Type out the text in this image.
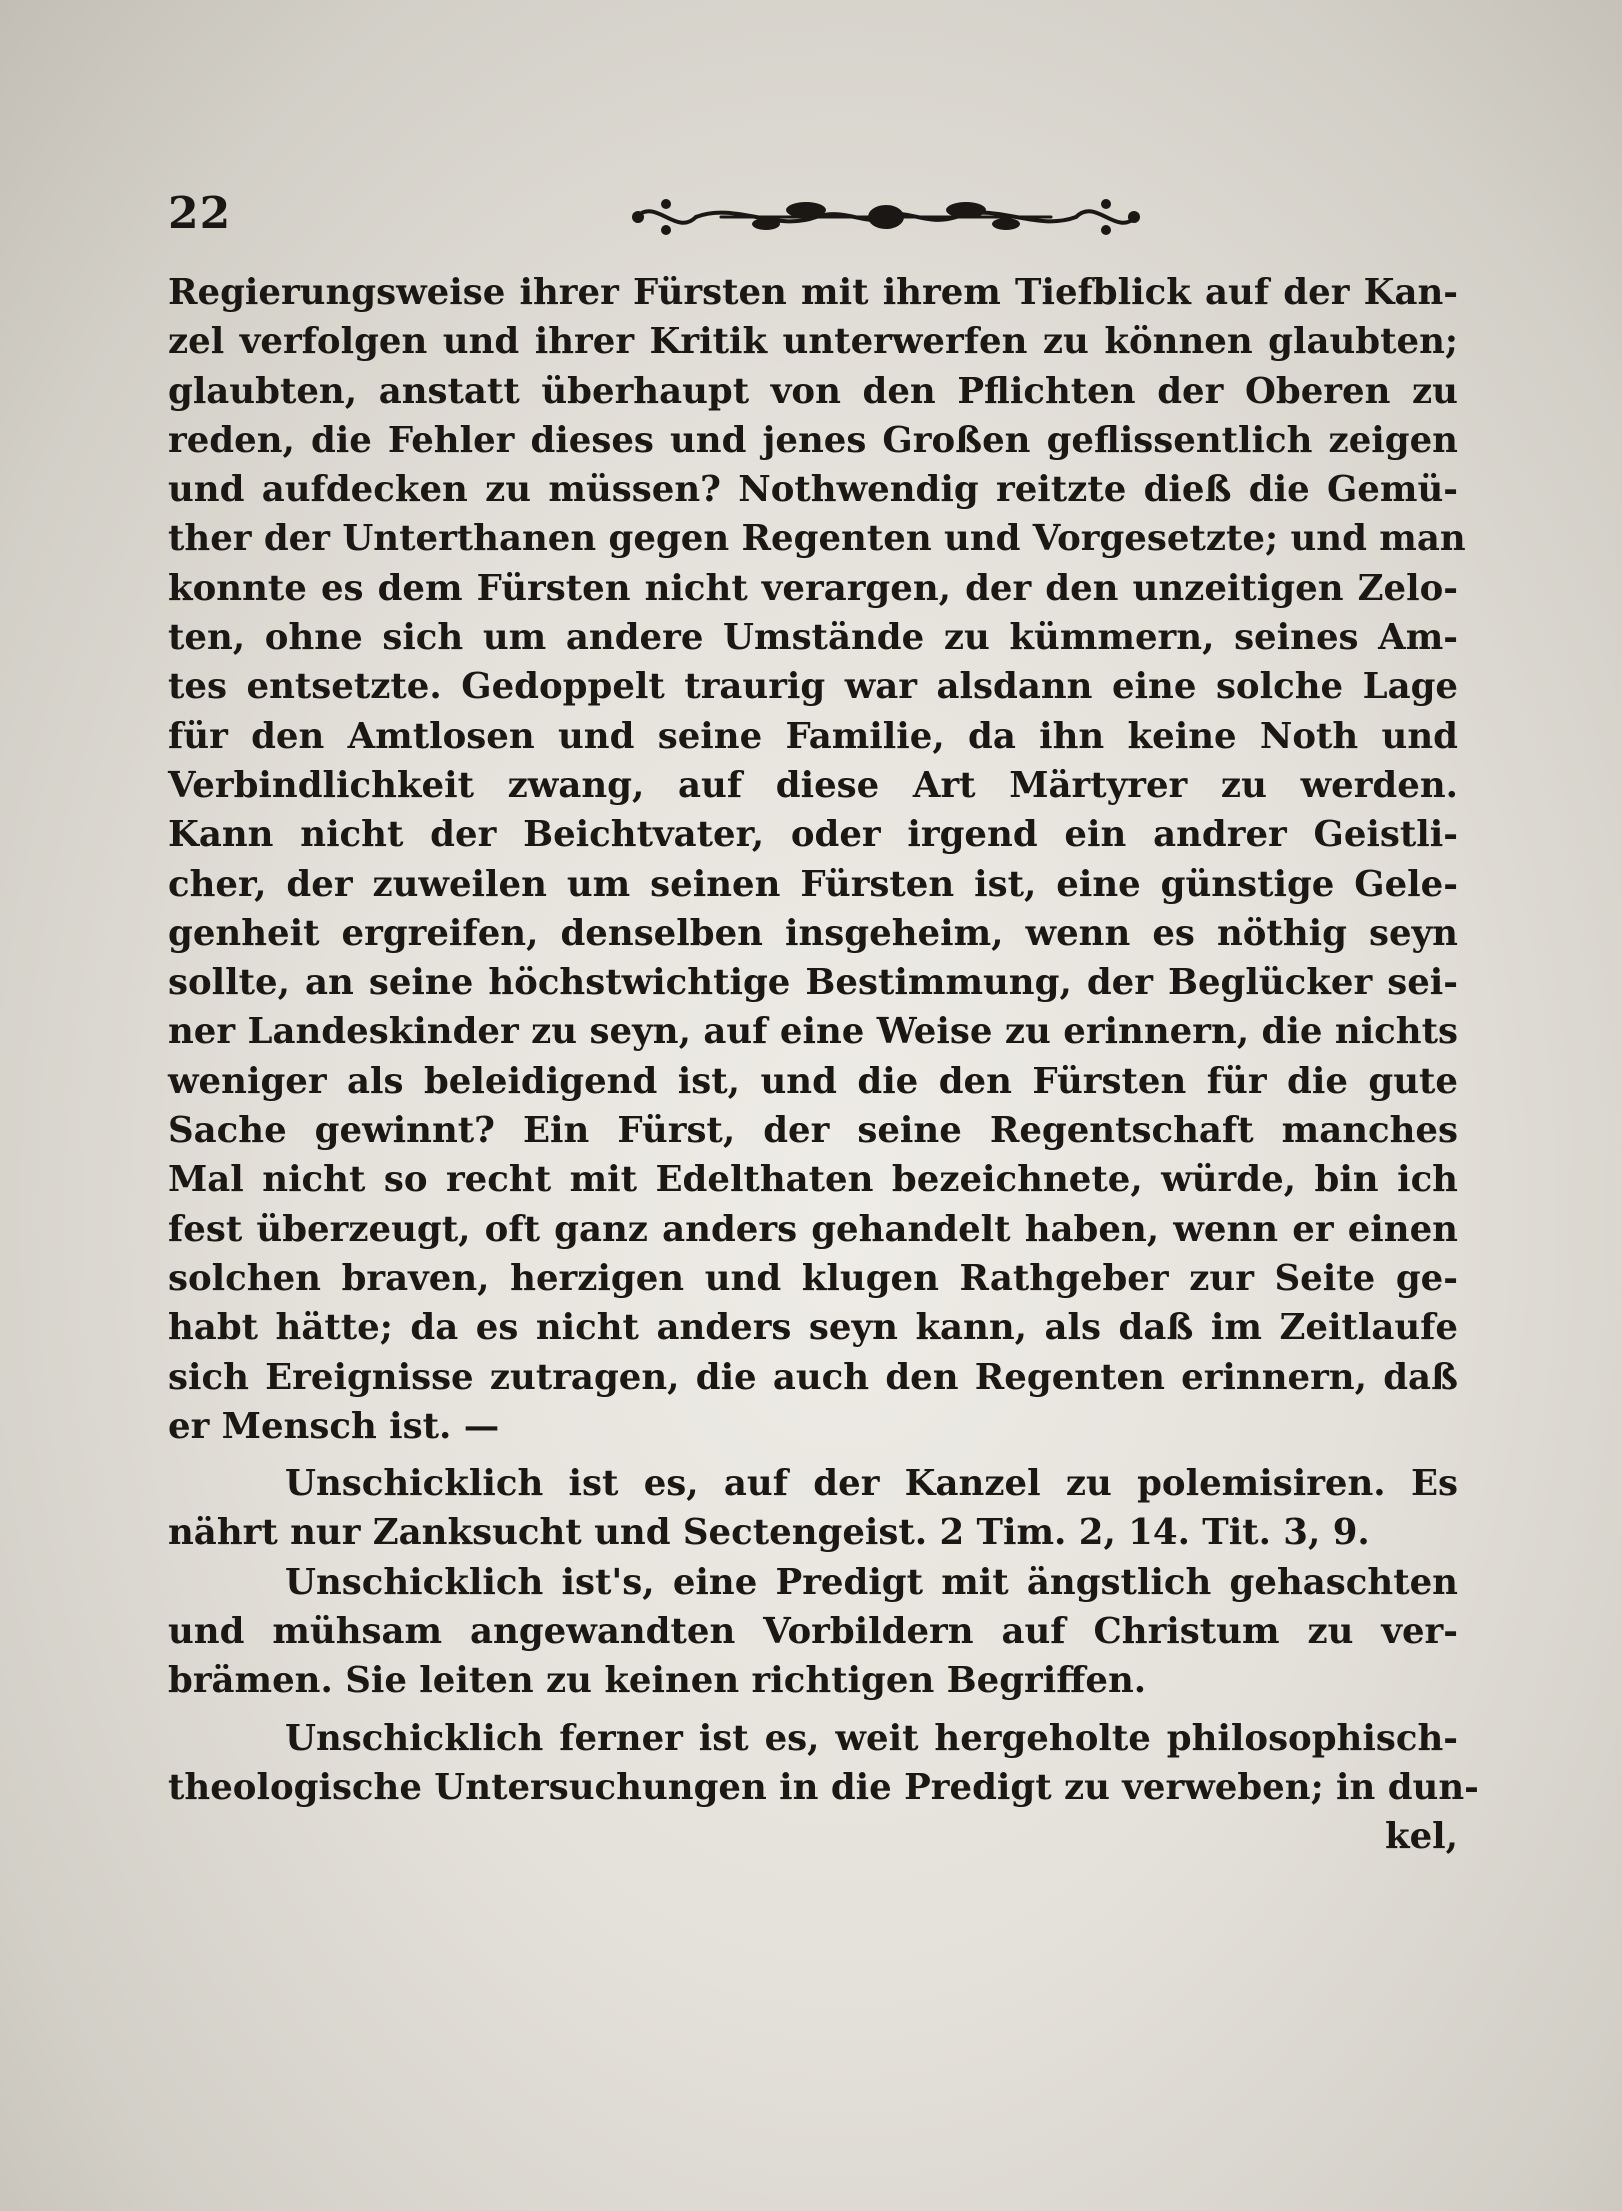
22
Regierungsweise ihrer Fürsten mit ihrem Tiefblick auf der Kan-
zel verfolgen und ihrer Kritik unterwerfen zu können glaubten;
glaubten, anstatt überhaupt von den Pflichten der Oberen zu
reden, die Fehler dieses und jenes Großen geflissentlich zeigen
und aufdecken zu müssen? Nothwendig reitzte dieß die Gemü-
ther der Unterthanen gegen Regenten und Vorgesetzte; und man
konnte es dem Fürsten nicht verargen, der den unzeitigen Zelo-
ten, ohne sich um andere Umstände zu kümmern, seines Am-
tes entsetzte. Gedoppelt traurig war alsdann eine solche Lage
für den Amtlosen und seine Familie, da ihn keine Noth und
Verbindlichkeit zwang, auf diese Art Märtyrer zu werden.
Kann nicht der Beichtvater, oder irgend ein andrer Geistli-
cher, der zuweilen um seinen Fürsten ist, eine günstige Gele-
genheit ergreifen, denselben insgeheim, wenn es nöthig seyn
sollte, an seine höchstwichtige Bestimmung, der Beglücker sei-
ner Landeskinder zu seyn, auf eine Weise zu erinnern, die nichts
weniger als beleidigend ist, und die den Fürsten für die gute
Sache gewinnt? Ein Fürst, der seine Regentschaft manches
Mal nicht so recht mit Edelthaten bezeichnete, würde, bin ich
fest überzeugt, oft ganz anders gehandelt haben, wenn er einen
solchen braven, herzigen und klugen Rathgeber zur Seite ge-
habt hätte; da es nicht anders seyn kann, als daß im Zeitlaufe
sich Ereignisse zutragen, die auch den Regenten erinnern, daß
er Mensch ist. —
Unschicklich ist es, auf der Kanzel zu polemisiren. Es
nährt nur Zanksucht und Sectengeist. 2 Tim. 2, 14. Tit. 3, 9.
Unschicklich ist's, eine Predigt mit ängstlich gehaschten
und mühsam angewandten Vorbildern auf Christum zu ver-
brämen. Sie leiten zu keinen richtigen Begriffen.
Unschicklich ferner ist es, weit hergeholte philosophisch-
theologische Untersuchungen in die Predigt zu verweben; in dun-
kel,
